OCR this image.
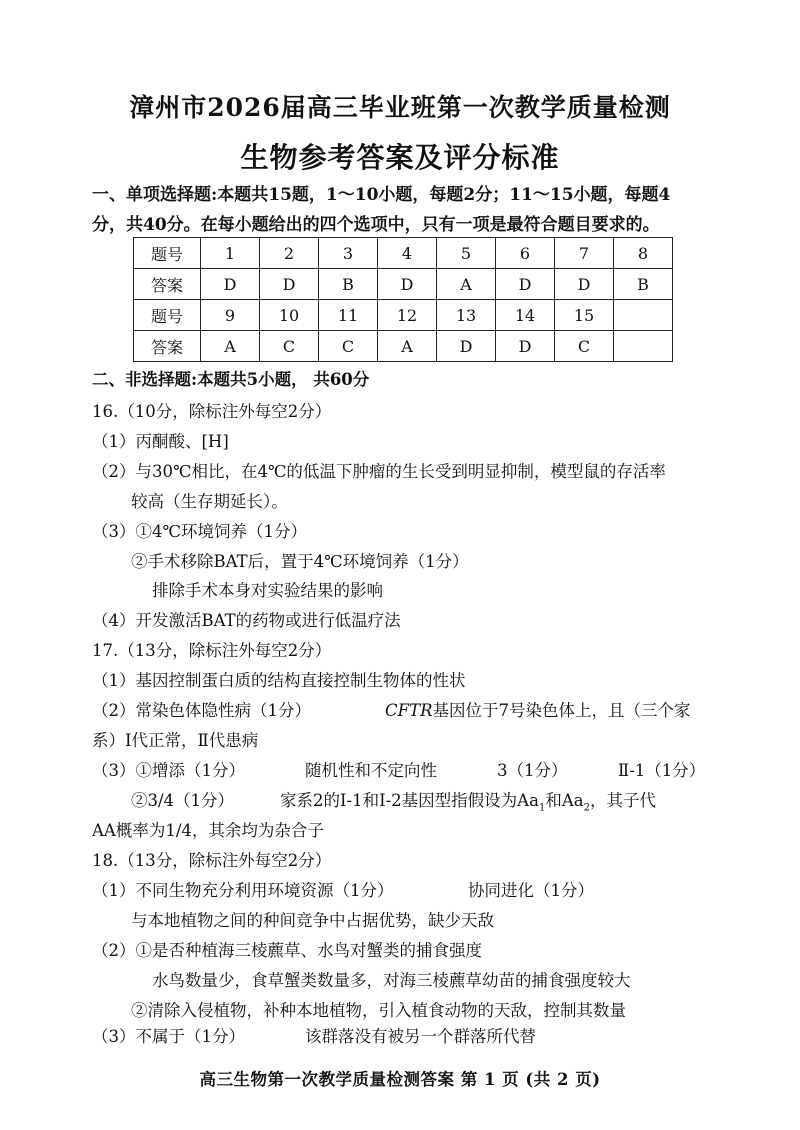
漳州市2026届高三毕业班第一次教学质量检测
生物参考答案及评分标准
一、单项选择题:本题共15题，1～10小题，每题2分；11～15小题，每题4
分，共40分。在每小题给出的四个选项中，只有一项是最符合题目要求的。
题号	1	2	3	4	5	6	7	8
答案	D	D	B	D	A	D	D	B
题号	9	10	11	12	13	14	15	
答案	A	C	C	A	D	D	C	
二、非选择题:本题共5小题， 共60分
16.（10分，除标注外每空2分）
（1）丙酮酸、[H]
（2）与30℃相比，在4℃的低温下肿瘤的生长受到明显抑制，模型鼠的存活率
较高（生存期延长）。
（3）①4℃环境饲养（1分）
②手术移除BAT后，置于4℃环境饲养（1分）
排除手术本身对实验结果的影响
（4）开发激活BAT的药物或进行低温疗法
17.（13分，除标注外每空2分）
（1）基因控制蛋白质的结构直接控制生物体的性状
（2）常染色体隐性病（1分）	CFTR基因位于7号染色体上，且（三个家
系）Ⅰ代正常，Ⅱ代患病
（3）①增添（1分）	随机性和不定向性	3（1分）	Ⅱ-1（1分）
②3/4（1分）	家系2的Ⅰ-1和Ⅰ-2基因型指假设为$Aa_1$和$Aa_2$，其子代
AA概率为1/4，其余均为杂合子
18.（13分，除标注外每空2分）
（1）不同生物充分利用环境资源（1分）	协同进化（1分）
与本地植物之间的种间竞争中占据优势，缺少天敌
（2）①是否种植海三棱藨草、水鸟对蟹类的捕食强度
水鸟数量少，食草蟹类数量多，对海三棱藨草幼苗的捕食强度较大
②清除入侵植物，补种本地植物，引入植食动物的天敌，控制其数量
（3）不属于（1分）	该群落没有被另一个群落所代替
高三生物第一次教学质量检测答案 第 1 页 (共 2 页)
